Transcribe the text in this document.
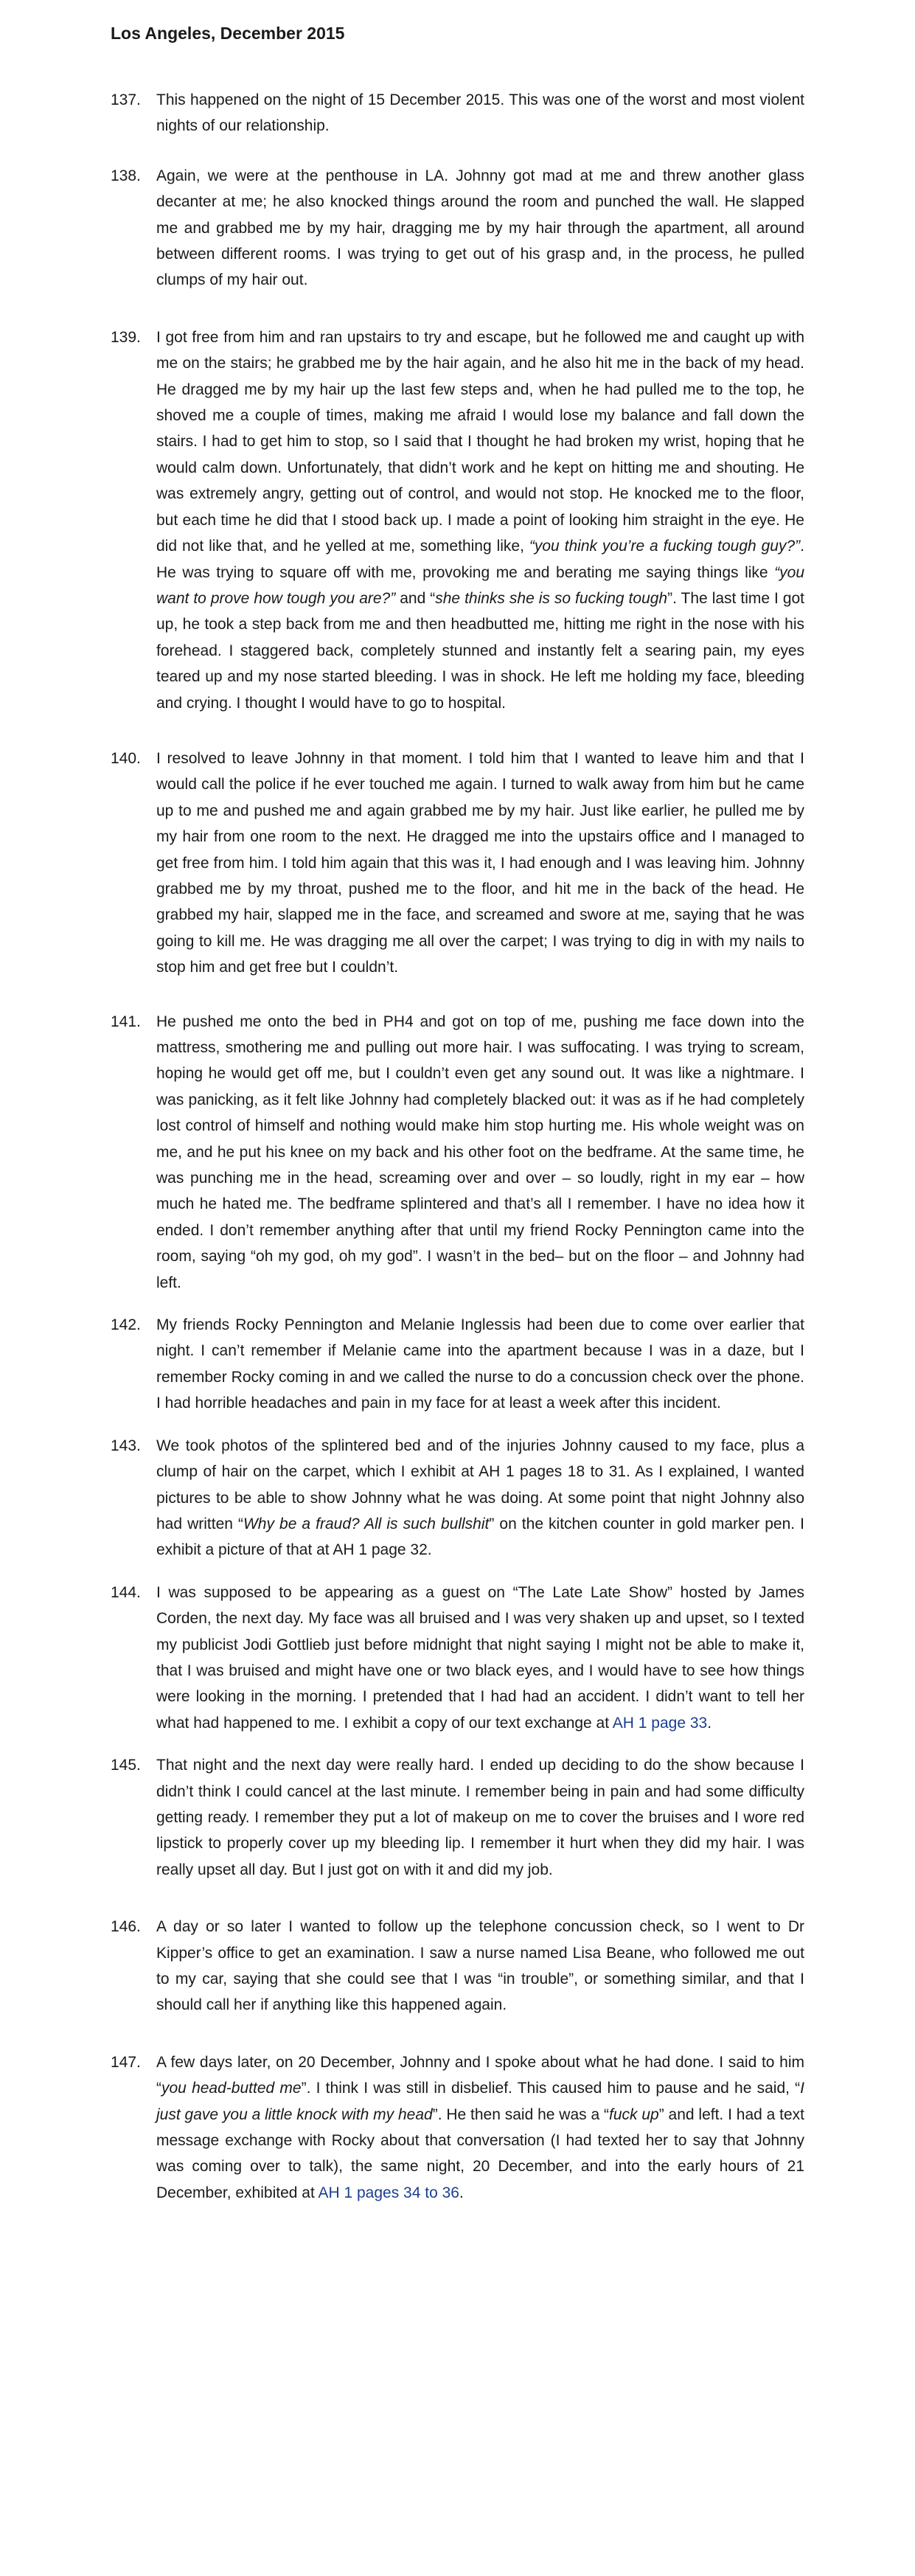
Los Angeles, December 2015
137.	This happened on the night of 15 December 2015. This was one of the worst and most violent nights of our relationship.
138.	Again, we were at the penthouse in LA. Johnny got mad at me and threw another glass decanter at me; he also knocked things around the room and punched the wall. He slapped me and grabbed me by my hair, dragging me by my hair through the apartment, all around between different rooms. I was trying to get out of his grasp and, in the process, he pulled clumps of my hair out.
139.	I got free from him and ran upstairs to try and escape, but he followed me and caught up with me on the stairs; he grabbed me by the hair again, and he also hit me in the back of my head. He dragged me by my hair up the last few steps and, when he had pulled me to the top, he shoved me a couple of times, making me afraid I would lose my balance and fall down the stairs. I had to get him to stop, so I said that I thought he had broken my wrist, hoping that he would calm down. Unfortunately, that didn’t work and he kept on hitting me and shouting. He was extremely angry, getting out of control, and would not stop. He knocked me to the floor, but each time he did that I stood back up. I made a point of looking him straight in the eye. He did not like that, and he yelled at me, something like, “you think you’re a fucking tough guy?”. He was trying to square off with me, provoking me and berating me saying things like “you want to prove how tough you are?” and “she thinks she is so fucking tough”. The last time I got up, he took a step back from me and then headbutted me, hitting me right in the nose with his forehead. I staggered back, completely stunned and instantly felt a searing pain, my eyes teared up and my nose started bleeding. I was in shock. He left me holding my face, bleeding and crying. I thought I would have to go to hospital.
140.	I resolved to leave Johnny in that moment. I told him that I wanted to leave him and that I would call the police if he ever touched me again. I turned to walk away from him but he came up to me and pushed me and again grabbed me by my hair. Just like earlier, he pulled me by my hair from one room to the next. He dragged me into the upstairs office and I managed to get free from him. I told him again that this was it, I had enough and I was leaving him. Johnny grabbed me by my throat, pushed me to the floor, and hit me in the back of the head. He grabbed my hair, slapped me in the face, and screamed and swore at me, saying that he was going to kill me. He was dragging me all over the carpet; I was trying to dig in with my nails to stop him and get free but I couldn’t.
141.	He pushed me onto the bed in PH4 and got on top of me, pushing me face down into the mattress, smothering me and pulling out more hair. I was suffocating. I was trying to scream, hoping he would get off me, but I couldn’t even get any sound out. It was like a nightmare. I was panicking, as it felt like Johnny had completely blacked out: it was as if he had completely lost control of himself and nothing would make him stop hurting me. His whole weight was on me, and he put his knee on my back and his other foot on the bedframe. At the same time, he was punching me in the head, screaming over and over – so loudly, right in my ear – how much he hated me. The bedframe splintered and that’s all I remember. I have no idea how it ended. I don’t remember anything after that until my friend Rocky Pennington came into the room, saying “oh my god, oh my god”. I wasn’t in the bed– but on the floor – and Johnny had left.
142.	My friends Rocky Pennington and Melanie Inglessis had been due to come over earlier that night. I can’t remember if Melanie came into the apartment because I was in a daze, but I remember Rocky coming in and we called the nurse to do a concussion check over the phone. I had horrible headaches and pain in my face for at least a week after this incident.
143.	We took photos of the splintered bed and of the injuries Johnny caused to my face, plus a clump of hair on the carpet, which I exhibit at AH 1 pages 18 to 31. As I explained, I wanted pictures to be able to show Johnny what he was doing. At some point that night Johnny also had written “Why be a fraud? All is such bullshit” on the kitchen counter in gold marker pen. I exhibit a picture of that at AH 1 page 32.
144.	I was supposed to be appearing as a guest on “The Late Late Show” hosted by James Corden, the next day. My face was all bruised and I was very shaken up and upset, so I texted my publicist Jodi Gottlieb just before midnight that night saying I might not be able to make it, that I was bruised and might have one or two black eyes, and I would have to see how things were looking in the morning. I pretended that I had had an accident. I didn’t want to tell her what had happened to me. I exhibit a copy of our text exchange at AH 1 page 33.
145.	That night and the next day were really hard. I ended up deciding to do the show because I didn’t think I could cancel at the last minute. I remember being in pain and had some difficulty getting ready. I remember they put a lot of makeup on me to cover the bruises and I wore red lipstick to properly cover up my bleeding lip. I remember it hurt when they did my hair. I was really upset all day. But I just got on with it and did my job.
146.	A day or so later I wanted to follow up the telephone concussion check, so I went to Dr Kipper’s office to get an examination. I saw a nurse named Lisa Beane, who followed me out to my car, saying that she could see that I was “in trouble”, or something similar, and that I should call her if anything like this happened again.
147.	A few days later, on 20 December, Johnny and I spoke about what he had done. I said to him “you head-butted me”. I think I was still in disbelief. This caused him to pause and he said, “I just gave you a little knock with my head”. He then said he was a “fuck up” and left. I had a text message exchange with Rocky about that conversation (I had texted her to say that Johnny was coming over to talk), the same night, 20 December, and into the early hours of 21 December, exhibited at AH 1 pages 34 to 36.
